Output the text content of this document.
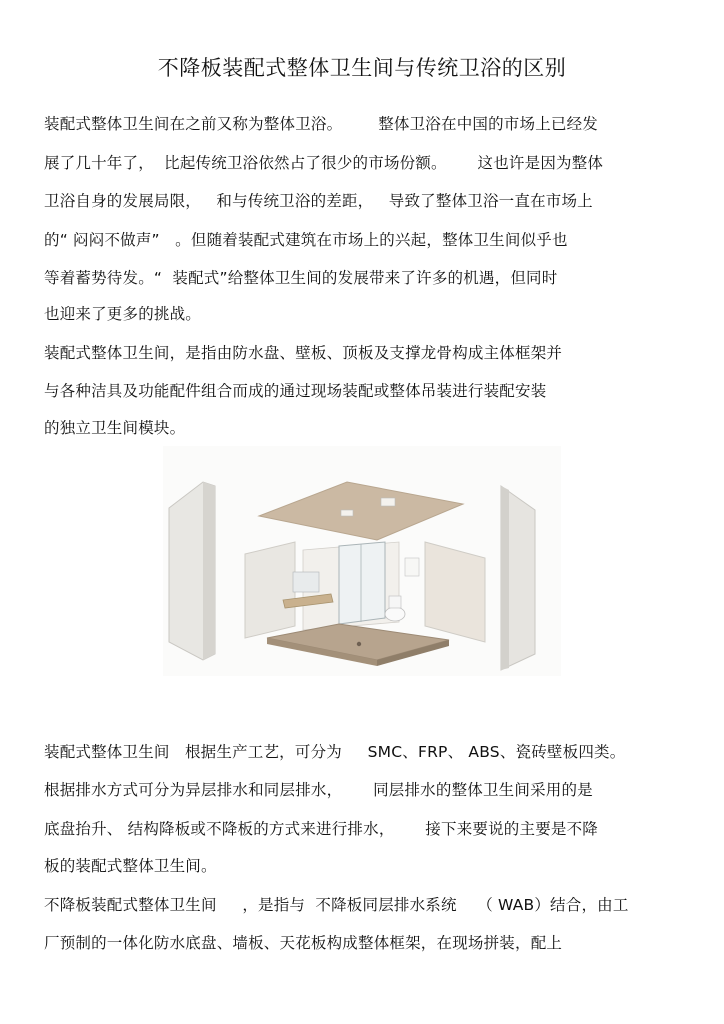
不降板装配式整体卫生间与传统卫浴的区别
装配式整体卫生间在之前又称为整体卫浴。       整体卫浴在中国的市场上已经发
展了几十年了，  比起传统卫浴依然占了很少的市场份额。      这也许是因为整体
卫浴自身的发展局限，   和与传统卫浴的差距，   导致了整体卫浴一直在市场上
的“ 闷闷不做声”   。但随着装配式建筑在市场上的兴起，整体卫生间似乎也
等着蓄势待发。“  装配式”给整体卫生间的发展带来了许多的机遇，但同时
也迎来了更多的挑战。
装配式整体卫生间，是指由防水盘、壁板、顶板及支撑龙骨构成主体框架并
与各种洁具及功能配件组合而成的通过现场装配或整体吊装进行装配安装
的独立卫生间模块。
装配式整体卫生间   根据生产工艺，可分为     SMC、FRP、 ABS、瓷砖壁板四类。
根据排水方式可分为异层排水和同层排水，      同层排水的整体卫生间采用的是
底盘抬升、 结构降板或不降板的方式来进行排水，      接下来要说的主要是不降
板的装配式整体卫生间。
不降板装配式整体卫生间     ，是指与  不降板同层排水系统    （ WAB）结合，由工
厂预制的一体化防水底盘、墙板、天花板构成整体框架，在现场拼装，配上
